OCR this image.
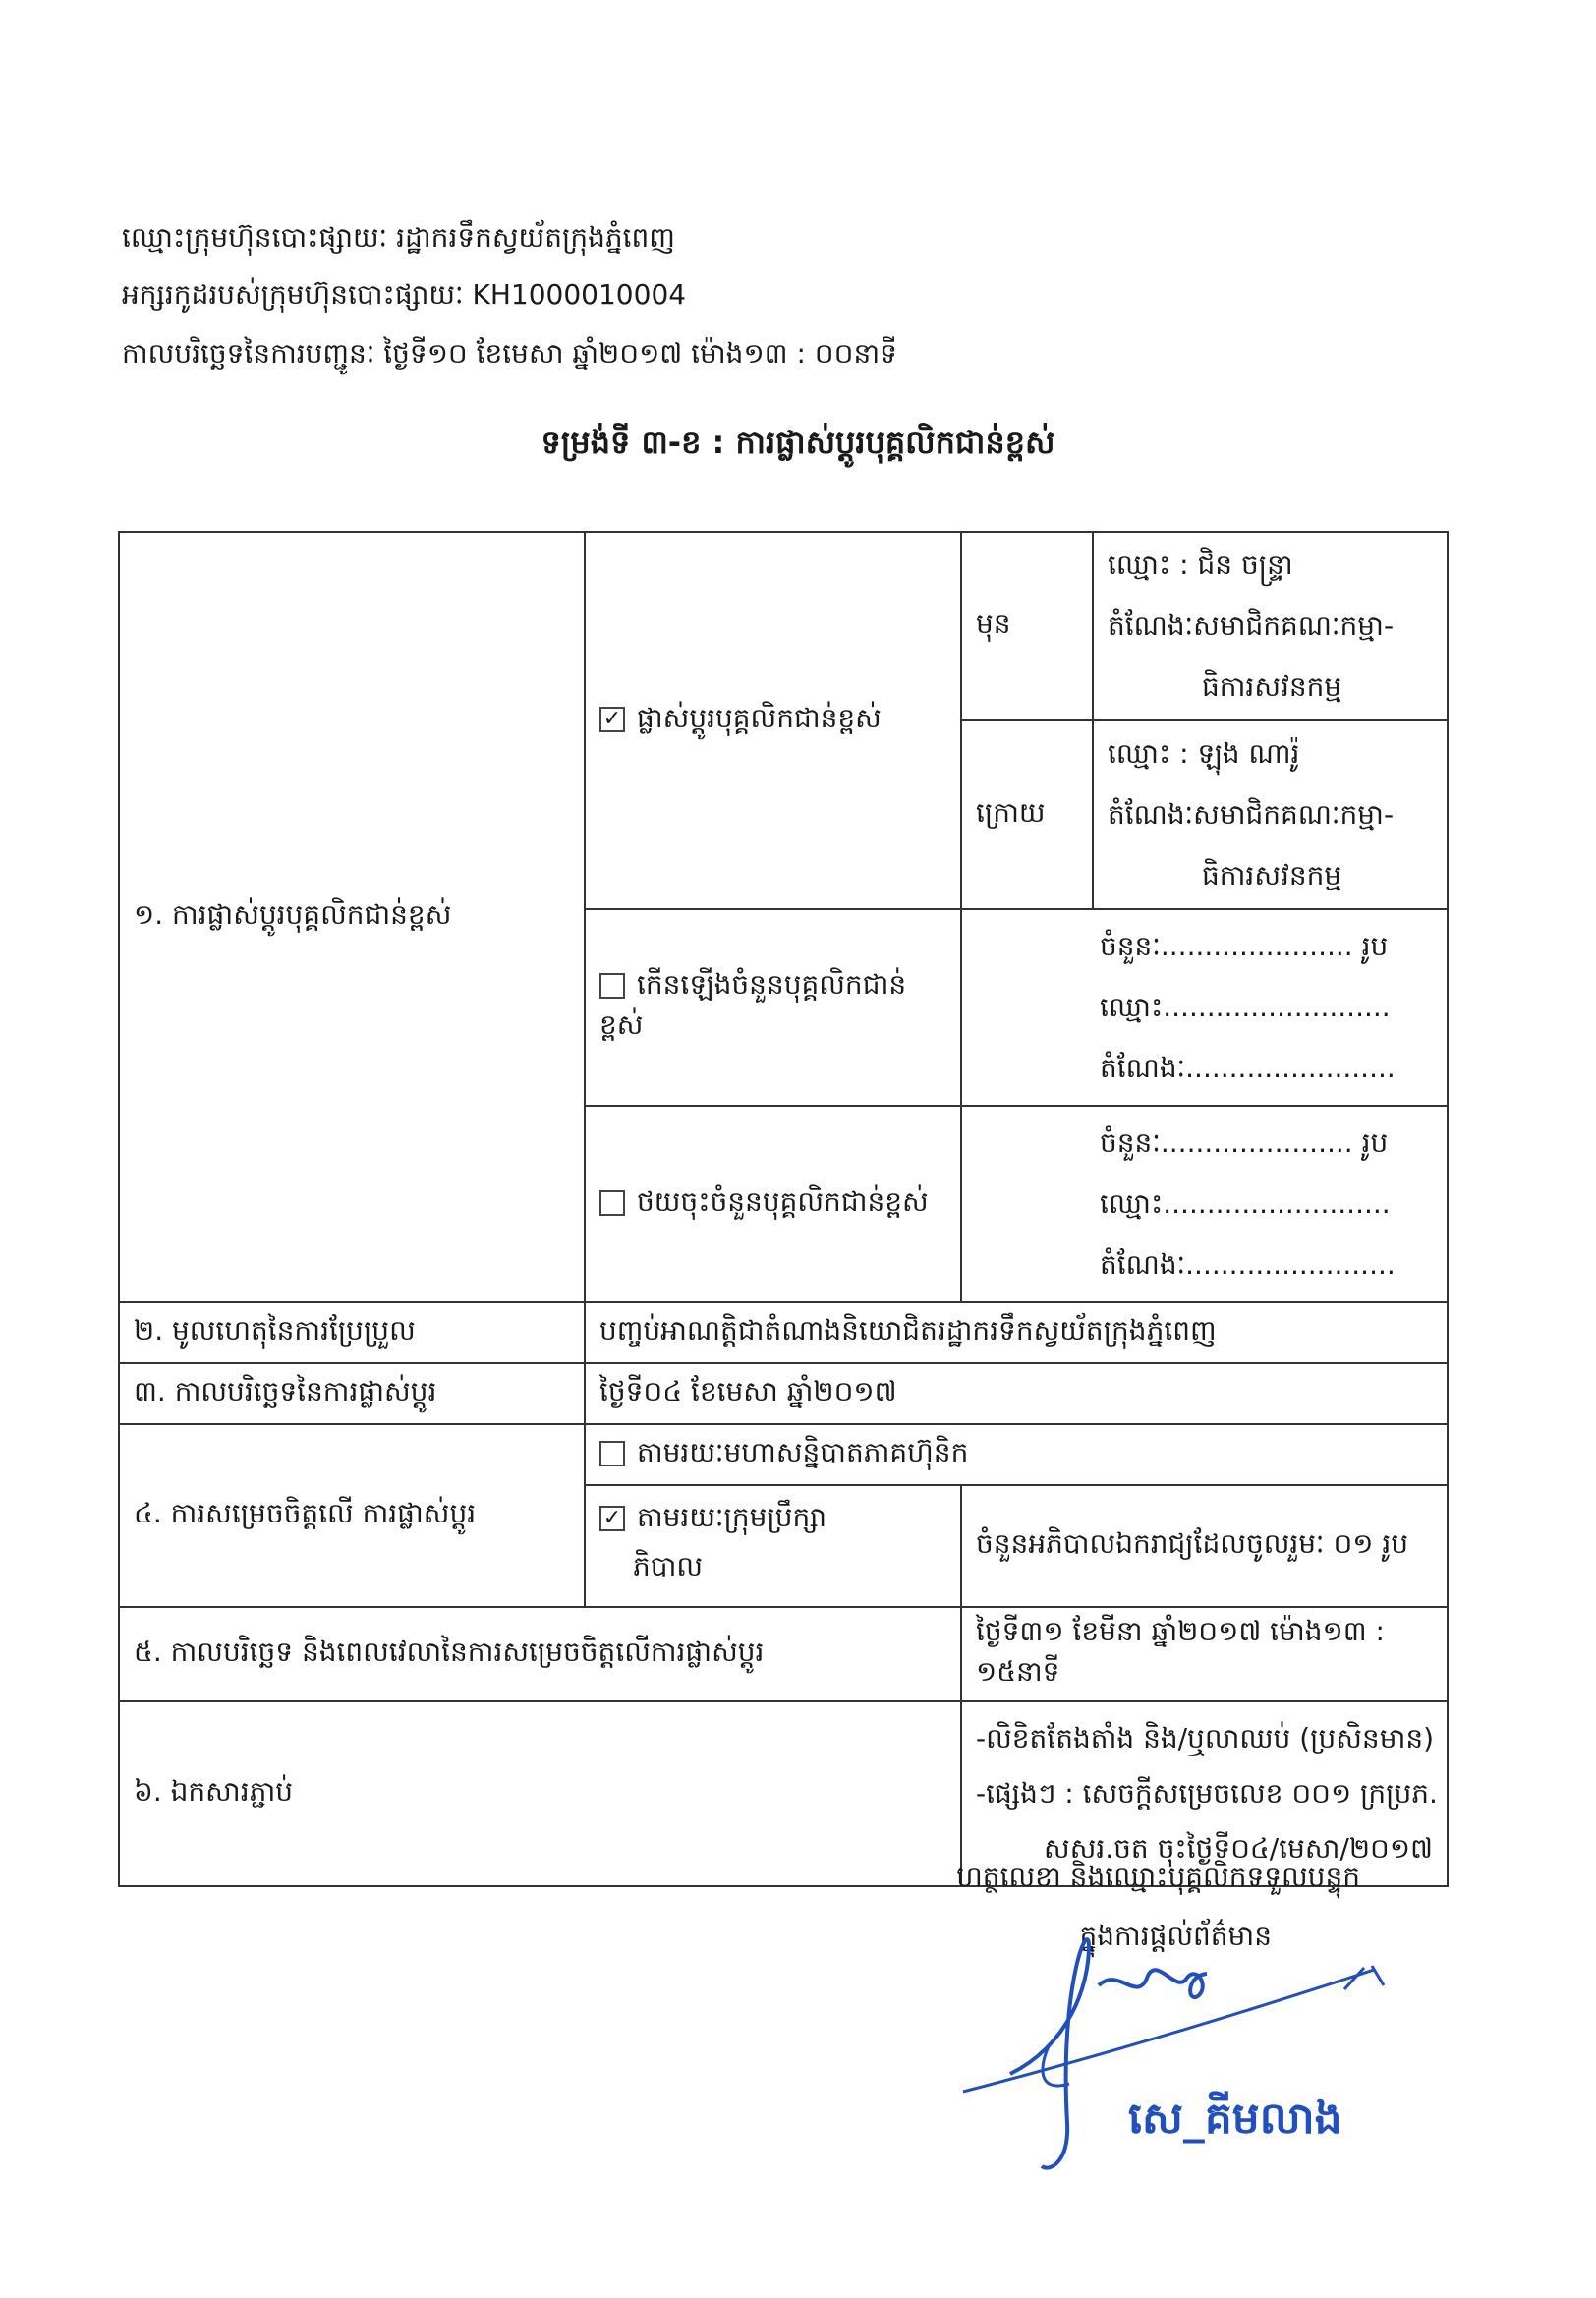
ឈ្មោះក្រុមហ៊ុនបោះផ្សាយៈ រដ្ឋាករទឹកស្វយ័តក្រុងភ្នំពេញ
អក្សរកូដរបស់ក្រុមហ៊ុនបោះផ្សាយៈ KH1000010004
កាលបរិច្ឆេទនៃការបញ្ជូនៈ ថ្ងៃទី១០ ខែមេសា ឆ្នាំ២០១៧ ម៉ោង១៣ : ០០នាទី
ទម្រង់ទី ៣-ខ : ការផ្លាស់ប្តូរបុគ្គលិកជាន់ខ្ពស់
១. ការផ្លាស់ប្តូរបុគ្គលិកជាន់ខ្ពស់	✓ ផ្លាស់ប្តូរបុគ្គលិកជាន់ខ្ពស់	មុន	ឈ្មោះ : ជិន ចន្ទ្រា
តំណែងៈសមាជិកគណៈកម្មា-
ធិការសវនកម្ម

		ក្រោយ	ឈ្មោះ : ឡុង ណារ៉ូ
តំណែងៈសមាជិកគណៈកម្មា-
ធិការសវនកម្ម

	កើនឡើងចំនួនបុគ្គលិកជាន់ខ្ពស់	ចំនួនៈ...................... រូប
ឈ្មោះ..........................
តំណែងៈ........................	

	ថយចុះចំនួនបុគ្គលិកជាន់ខ្ពស់	ចំនួនៈ...................... រូប
ឈ្មោះ..........................
តំណែងៈ........................	

២. មូលហេតុនៃការប្រែប្រួល	បញ្ចប់អាណត្តិជាតំណាងនិយោជិតរដ្ឋាករទឹកស្វយ័តក្រុងភ្នំពេញ		
៣. កាលបរិច្ឆេទនៃការផ្លាស់ប្តូរ	ថ្ងៃទី០៤ ខែមេសា ឆ្នាំ២០១៧		
៤. ការសម្រេចចិត្តលើ ការផ្លាស់ប្តូរ	តាមរយៈមហាសន្និបាតភាគហ៊ុនិក		
	✓ តាមរយៈក្រុមប្រឹក្សា
ភិបាល	ចំនួនអភិបាលឯករាជ្យដែលចូលរួមៈ ០១ រូប	
៥. កាលបរិច្ឆេទ និងពេលវេលានៃការសម្រេចចិត្តលើការផ្លាស់ប្តូរ		ថ្ងៃទី៣១ ខែមីនា ឆ្នាំ២០១៧ ម៉ោង១៣ : ១៥នាទី	
៦. ឯកសារភ្ជាប់		-លិខិតតែងតាំង និង/ឬលាឈប់ (ប្រសិនមាន)
-ផ្សេងៗ : សេចក្តីសម្រេចលេខ ០០១ ក្រប្រភ.
សសរ.ចត ចុះថ្ងៃទី០៤/មេសា/២០១៧	
ហត្ថលេខា និងឈ្មោះបុគ្គលិកទទួលបន្ទុក
ក្នុងការផ្តល់ព័ត៌មាន
សេ_គីមលាង
